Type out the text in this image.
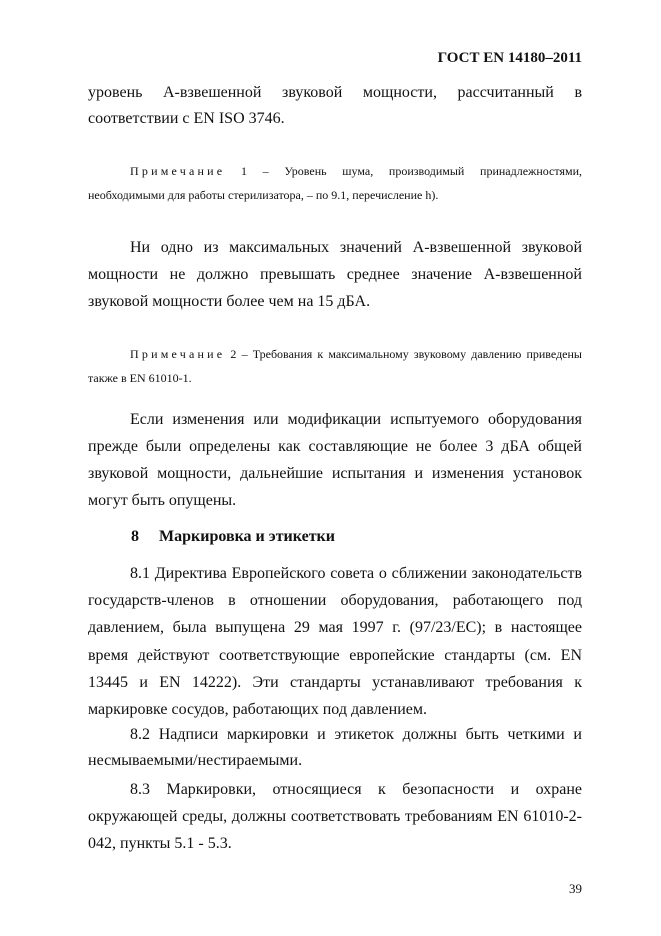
ГОСТ EN 14180–2011

уровень А-взвешенной звуковой мощности, рассчитанный в соответствии с EN ISO 3746.

Примечание 1 – Уровень шума, производимый принадлежностями, необходимыми для работы стерилизатора, – по 9.1, перечисление h).

Ни одно из максимальных значений А-взвешенной звуковой мощности не должно превышать среднее значение А-взвешенной звуковой мощности более чем на 15 дБА.

Примечание 2 – Требования к максимальному звуковому давлению приведены также в EN 61010-1.

Если изменения или модификации испытуемого оборудования прежде были определены как составляющие не более 3 дБА общей звуковой мощности, дальнейшие испытания и изменения установок могут быть опущены.

8 Маркировка и этикетки

8.1 Директива Европейского совета о сближении законодательств государств-членов в отношении оборудования, работающего под давлением, была выпущена 29 мая 1997 г. (97/23/ЕС); в настоящее время действуют соответствующие европейские стандарты (см. EN 13445 и EN 14222). Эти стандарты устанавливают требования к маркировке сосудов, работающих под давлением.

8.2 Надписи маркировки и этикеток должны быть четкими и несмываемыми/нестираемыми.

8.3 Маркировки, относящиеся к безопасности и охране окружающей среды, должны соответствовать требованиям EN 61010-2-042, пункты 5.1 - 5.3.

39
